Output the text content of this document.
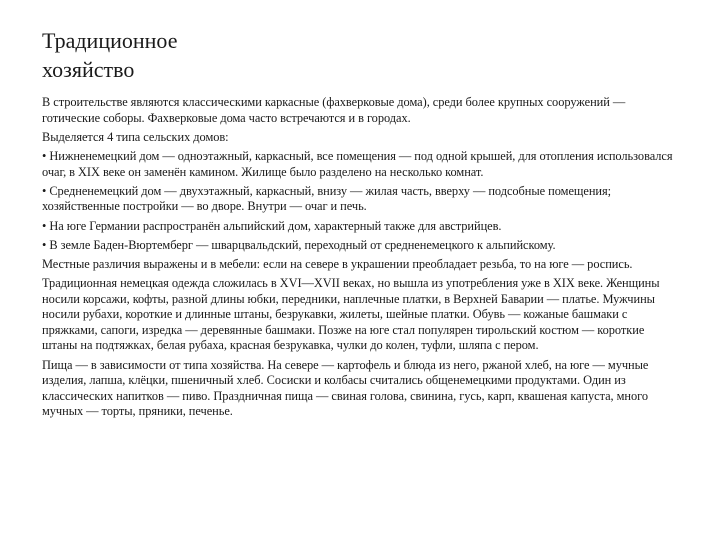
Традиционное
хозяйство

В строительстве являются классическими каркасные (фахверковые дома), среди более крупных сооружений — готические соборы. Фахверковые дома часто встречаются и в городах.

Выделяется 4 типа сельских домов:

• Нижненемецкий дом — одноэтажный, каркасный, все помещения — под одной крышей, для отопления использовался очаг, в XIX веке он заменён камином. Жилище было разделено на несколько комнат.

• Средненемецкий дом — двухэтажный, каркасный, внизу — жилая часть, вверху — подсобные помещения; хозяйственные постройки — во дворе. Внутри — очаг и печь.

• На юге Германии распространён альпийский дом, характерный также для австрийцев.

• В земле Баден-Вюртемберг — шварцвальдский, переходный от средненемецкого к альпийскому.

Местные различия выражены и в мебели: если на севере в украшении преобладает резьба, то на юге — роспись.

Традиционная немецкая одежда сложилась в XVI—XVII веках, но вышла из употребления уже в XIX веке. Женщины носили корсажи, кофты, разной длины юбки, передники, наплечные платки, в Верхней Баварии — платье. Мужчины носили рубахи, короткие и длинные штаны, безрукавки, жилеты, шейные платки. Обувь — кожаные башмаки с пряжками, сапоги, изредка — деревянные башмаки. Позже на юге стал популярен тирольский костюм — короткие штаны на подтяжках, белая рубаха, красная безрукавка, чулки до колен, туфли, шляпа с пером.

Пища — в зависимости от типа хозяйства. На севере — картофель и блюда из него, ржаной хлеб, на юге — мучные изделия, лапша, клёцки, пшеничный хлеб. Сосиски и колбасы считались общенемецкими продуктами. Один из классических напитков — пиво. Праздничная пища — свиная голова, свинина, гусь, карп, квашеная капуста, много мучных — торты, пряники, печенье.
